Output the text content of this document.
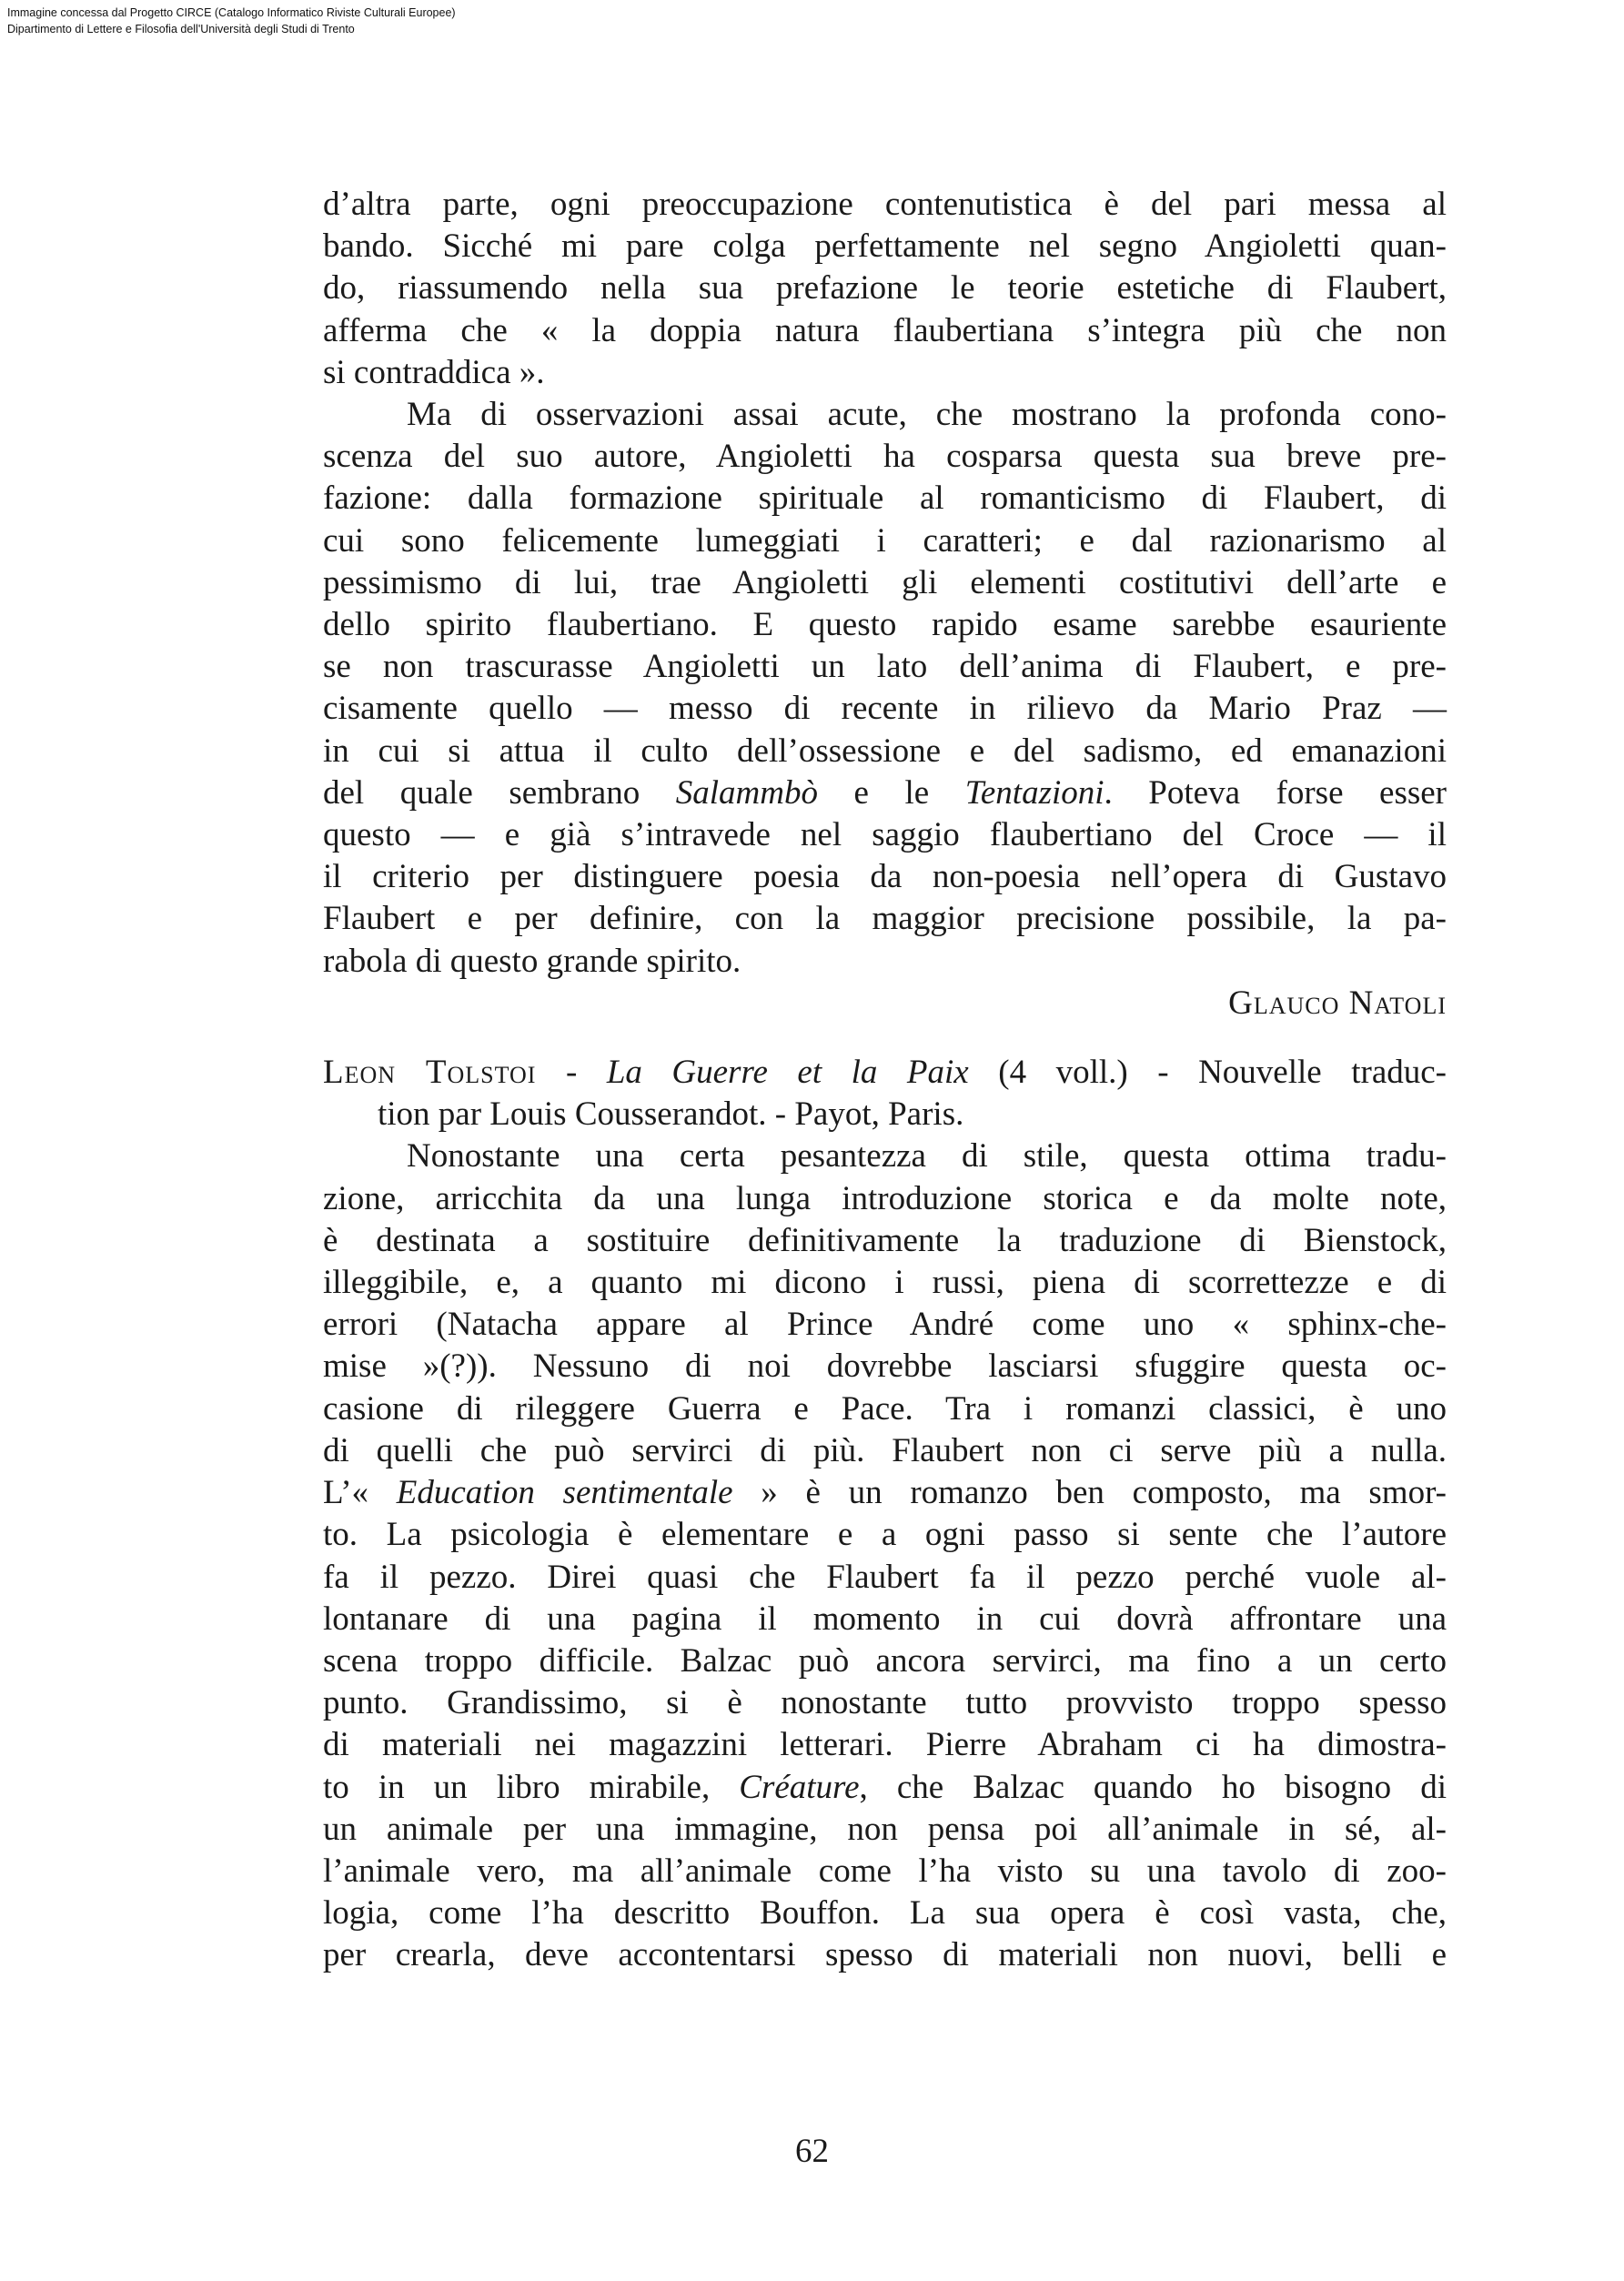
Immagine concessa dal Progetto CIRCE (Catalogo Informatico Riviste Culturali Europee)
Dipartimento di Lettere e Filosofia dell'Università degli Studi di Trento
d’altra parte, ogni preoccupazione contenutistica è del pari messa al
bando. Sicché mi pare colga perfettamente nel segno Angioletti quan-
do, riassumendo nella sua prefazione le teorie estetiche di Flaubert,
afferma che « la doppia natura flaubertiana s’integra più che non
si contraddica ».
Ma di osservazioni assai acute, che mostrano la profonda cono-
scenza del suo autore, Angioletti ha cosparsa questa sua breve pre-
fazione: dalla formazione spirituale al romanticismo di Flaubert, di
cui sono felicemente lumeggiati i caratteri; e dal razionarismo al
pessimismo di lui, trae Angioletti gli elementi costitutivi dell’arte e
dello spirito flaubertiano. E questo rapido esame sarebbe esauriente
se non trascurasse Angioletti un lato dell’anima di Flaubert, e pre-
cisamente quello — messo di recente in rilievo da Mario Praz —
in cui si attua il culto dell’ossessione e del sadismo, ed emanazioni
del quale sembrano Salammbò e le Tentazioni. Poteva forse esser
questo — e già s’intravede nel saggio flaubertiano del Croce — il
il criterio per distinguere poesia da non-poesia nell’opera di Gustavo
Flaubert e per definire, con la maggior precisione possibile, la pa-
rabola di questo grande spirito.
Glauco Natoli
Leon Tolstoi - La Guerre et la Paix (4 voll.) - Nouvelle traduc-
tion par Louis Cousserandot. - Payot, Paris.
Nonostante una certa pesantezza di stile, questa ottima tradu-
zione, arricchita da una lunga introduzione storica e da molte note,
è destinata a sostituire definitivamente la traduzione di Bienstock,
illeggibile, e, a quanto mi dicono i russi, piena di scorrettezze e di
errori (Natacha appare al Prince André come uno « sphinx-che-
mise »(?)). Nessuno di noi dovrebbe lasciarsi sfuggire questa oc-
casione di rileggere Guerra e Pace. Tra i romanzi classici, è uno
di quelli che può servirci di più. Flaubert non ci serve più a nulla.
L’« Education sentimentale » è un romanzo ben composto, ma smor-
to. La psicologia è elementare e a ogni passo si sente che l’autore
fa il pezzo. Direi quasi che Flaubert fa il pezzo perché vuole al-
lontanare di una pagina il momento in cui dovrà affrontare una
scena troppo difficile. Balzac può ancora servirci, ma fino a un certo
punto. Grandissimo, si è nonostante tutto provvisto troppo spesso
di materiali nei magazzini letterari. Pierre Abraham ci ha dimostra-
to in un libro mirabile, Créature, che Balzac quando ho bisogno di
un animale per una immagine, non pensa poi all’animale in sé, al-
l’animale vero, ma all’animale come l’ha visto su una tavolo di zoo-
logia, come l’ha descritto Bouffon. La sua opera è così vasta, che,
per crearla, deve accontentarsi spesso di materiali non nuovi, belli e
62
